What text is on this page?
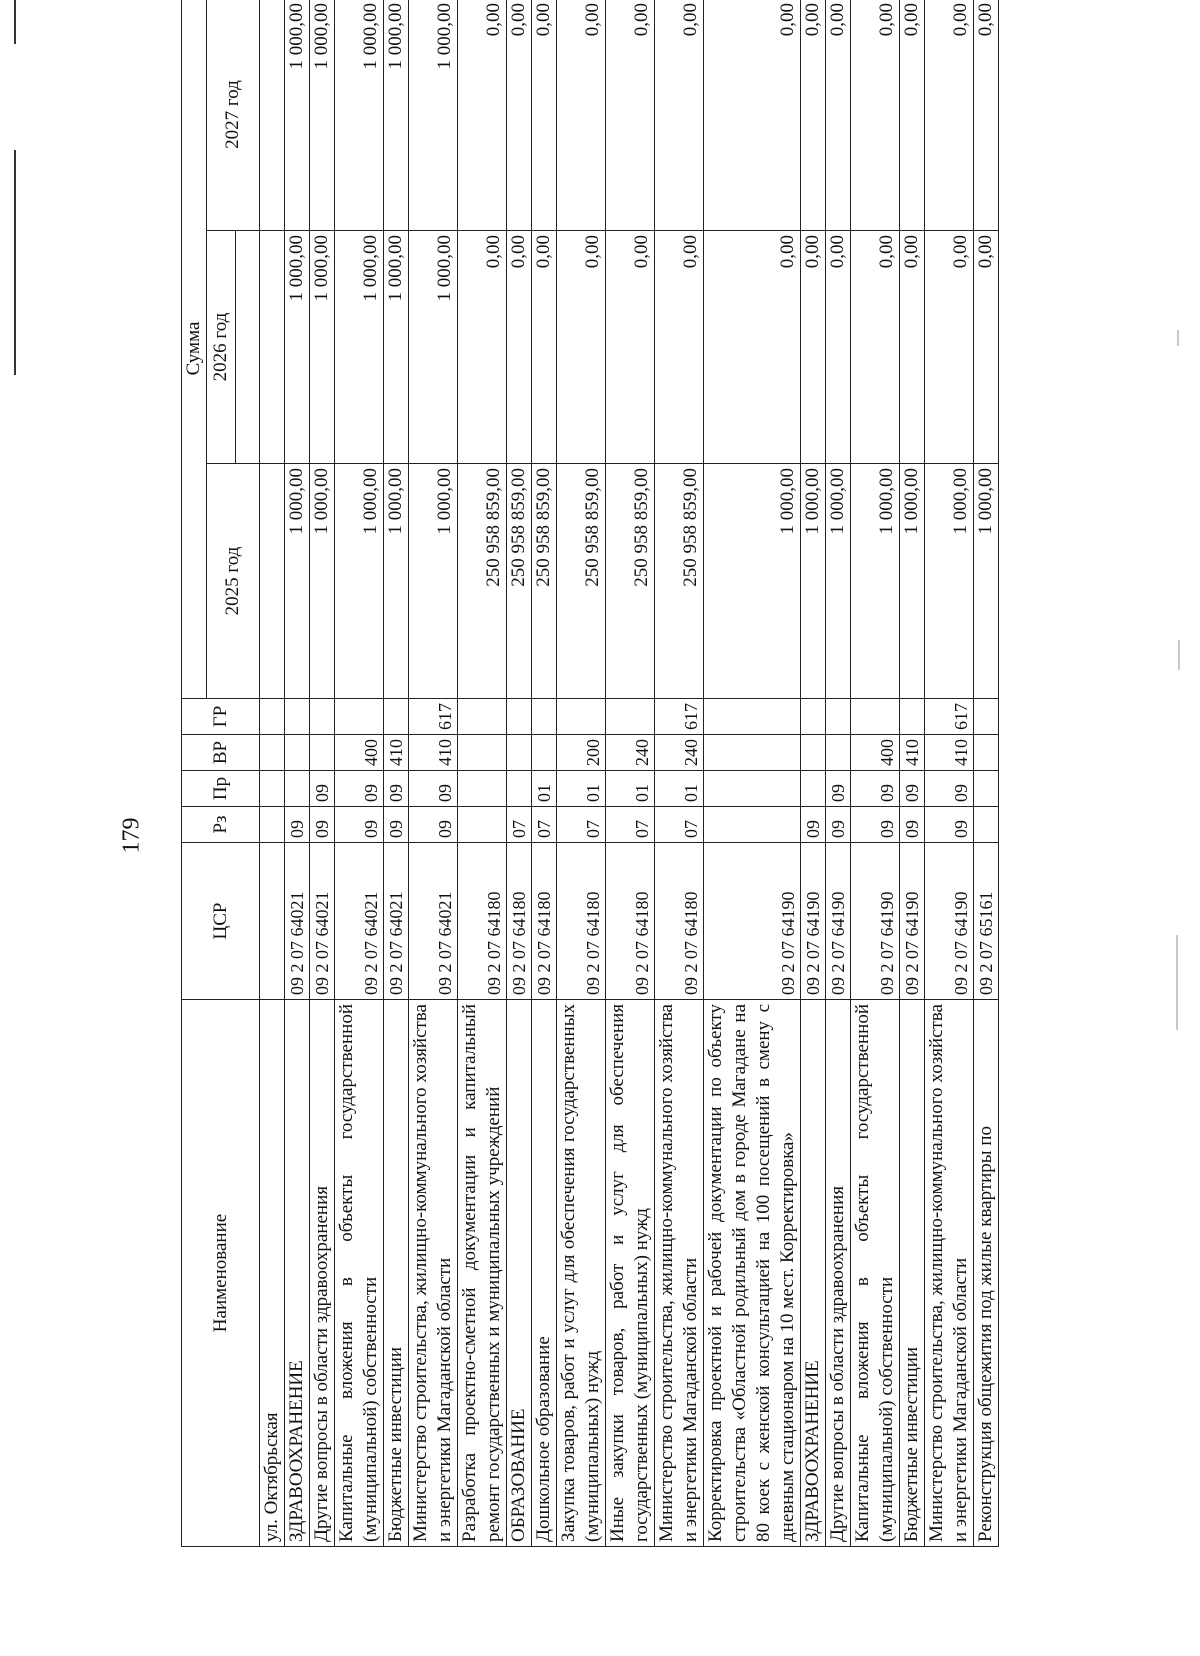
179
Наименование	ЦСР	Рз	Пр	ВР	ГР	Сумма		
						2025 год	2026 год	2027 год

ул. Октябрьская								
ЗДРАВООХРАНЕНИЕ	09 2 07 64021	09				1 000,00	1 000,00	1 000,00
Другие вопросы в области здравоохранения	09 2 07 64021	09	09			1 000,00	1 000,00	1 000,00
Капитальные вложения в объекты государственной (муниципальной) собственности	09 2 07 64021	09	09	400		1 000,00	1 000,00	1 000,00
Бюджетные инвестиции	09 2 07 64021	09	09	410		1 000,00	1 000,00	1 000,00
Министерство строительства, жилищно-коммунального хозяйства и энергетики Магаданской области	09 2 07 64021	09	09	410	617	1 000,00	1 000,00	1 000,00
Разработка проектно-сметной документации и капитальный ремонт государственных и муниципальных учреждений	09 2 07 64180					250 958 859,00	0,00	0,00
ОБРАЗОВАНИЕ	09 2 07 64180	07				250 958 859,00	0,00	0,00
Дошкольное образование	09 2 07 64180	07	01			250 958 859,00	0,00	0,00
Закупка товаров, работ и услуг для обеспечения государственных (муниципальных) нужд	09 2 07 64180	07	01	200		250 958 859,00	0,00	0,00
Иные закупки товаров, работ и услуг для обеспечения государственных (муниципальных) нужд	09 2 07 64180	07	01	240		250 958 859,00	0,00	0,00
Министерство строительства, жилищно-коммунального хозяйства и энергетики Магаданской области	09 2 07 64180	07	01	240	617	250 958 859,00	0,00	0,00
Корректировка проектной и рабочей документации по объекту строительства «Областной родильный дом в городе Магадане на 80 коек с женской консультацией на 100 посещений в смену с дневным стационаром на 10 мест. Корректировка»	09 2 07 64190					1 000,00	0,00	0,00
ЗДРАВООХРАНЕНИЕ	09 2 07 64190	09				1 000,00	0,00	0,00
Другие вопросы в области здравоохранения	09 2 07 64190	09	09			1 000,00	0,00	0,00
Капитальные вложения в объекты государственной (муниципальной) собственности	09 2 07 64190	09	09	400		1 000,00	0,00	0,00
Бюджетные инвестиции	09 2 07 64190	09	09	410		1 000,00	0,00	0,00
Министерство строительства, жилищно-коммунального хозяйства и энергетики Магаданской области	09 2 07 64190	09	09	410	617	1 000,00	0,00	0,00
Реконструкция общежития под жилые квартиры по	09 2 07 65161					1 000,00	0,00	0,00
